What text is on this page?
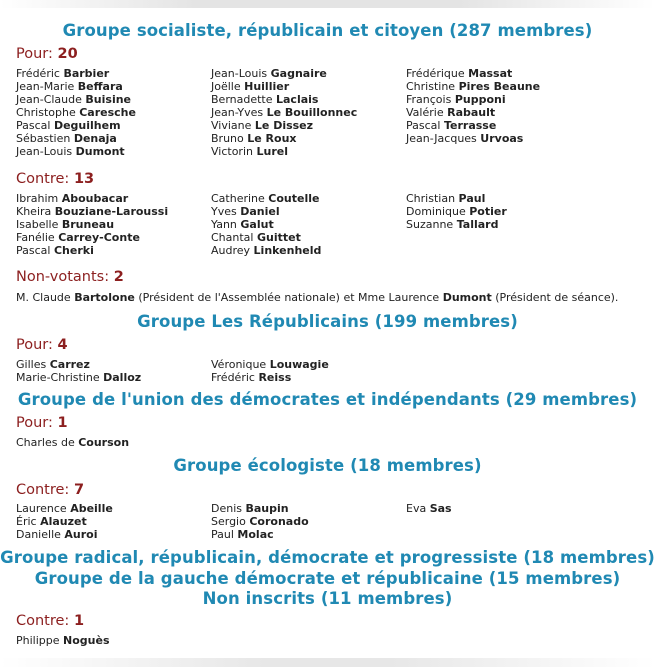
Groupe socialiste, républicain et citoyen (287 membres)
Pour: 20
Frédéric Barbier
Jean-Marie Beffara
Jean-Claude Buisine
Christophe Caresche
Pascal Deguilhem
Sébastien Denaja
Jean-Louis Dumont
Jean-Louis Gagnaire
Joëlle Huillier
Bernadette Laclais
Jean-Yves Le Bouillonnec
Viviane Le Dissez
Bruno Le Roux
Victorin Lurel
Frédérique Massat
Christine Pires Beaune
François Pupponi
Valérie Rabault
Pascal Terrasse
Jean-Jacques Urvoas
Contre: 13
Ibrahim Aboubacar
Kheira Bouziane-Laroussi
Isabelle Bruneau
Fanélie Carrey-Conte
Pascal Cherki
Catherine Coutelle
Yves Daniel
Yann Galut
Chantal Guittet
Audrey Linkenheld
Christian Paul
Dominique Potier
Suzanne Tallard
Non-votants: 2
M. Claude Bartolone (Président de l'Assemblée nationale) et Mme Laurence Dumont (Président de séance).
Groupe Les Républicains (199 membres)
Pour: 4
Gilles Carrez
Marie-Christine Dalloz
Véronique Louwagie
Frédéric Reiss
Groupe de l'union des démocrates et indépendants (29 membres)
Pour: 1
Charles de Courson
Groupe écologiste (18 membres)
Contre: 7
Laurence Abeille
Éric Alauzet
Danielle Auroi
Denis Baupin
Sergio Coronado
Paul Molac
Eva Sas
Groupe radical, républicain, démocrate et progressiste (18 membres)
Groupe de la gauche démocrate et républicaine (15 membres)
Non inscrits (11 membres)
Contre: 1
Philippe Noguès
